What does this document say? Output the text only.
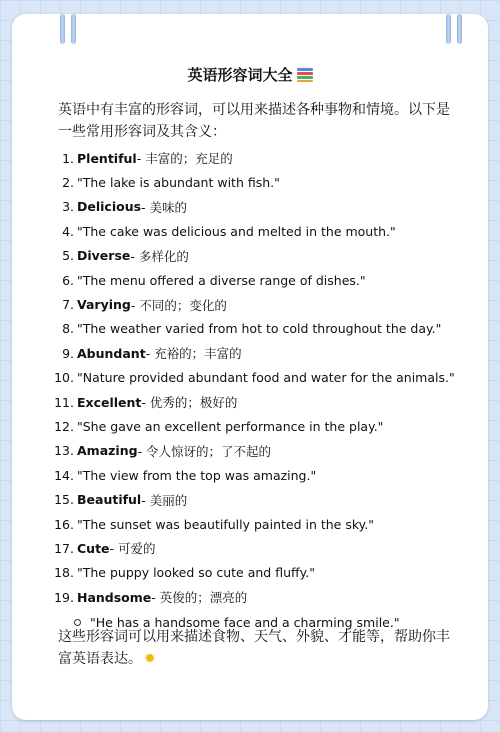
英语形容词大全
英语中有丰富的形容词，可以用来描述各种事物和情境。以下是一些常用形容词及其含义：
1. Plentiful - 丰富的；充足的
2. "The lake is abundant with fish."
3. Delicious - 美味的
4. "The cake was delicious and melted in the mouth."
5. Diverse - 多样化的
6. "The menu offered a diverse range of dishes."
7. Varying - 不同的；变化的
8. "The weather varied from hot to cold throughout the day."
9. Abundant - 充裕的；丰富的
10. "Nature provided abundant food and water for the animals."
11. Excellent - 优秀的；极好的
12. "She gave an excellent performance in the play."
13. Amazing - 令人惊讶的；了不起的
14. "The view from the top was amazing."
15. Beautiful - 美丽的
16. "The sunset was beautifully painted in the sky."
17. Cute - 可爱的
18. "The puppy looked so cute and fluffy."
19. Handsome - 英俊的；漂亮的
"He has a handsome face and a charming smile."
这些形容词可以用来描述食物、天气、外貌、才能等，帮助你丰富英语表达。 ✹
